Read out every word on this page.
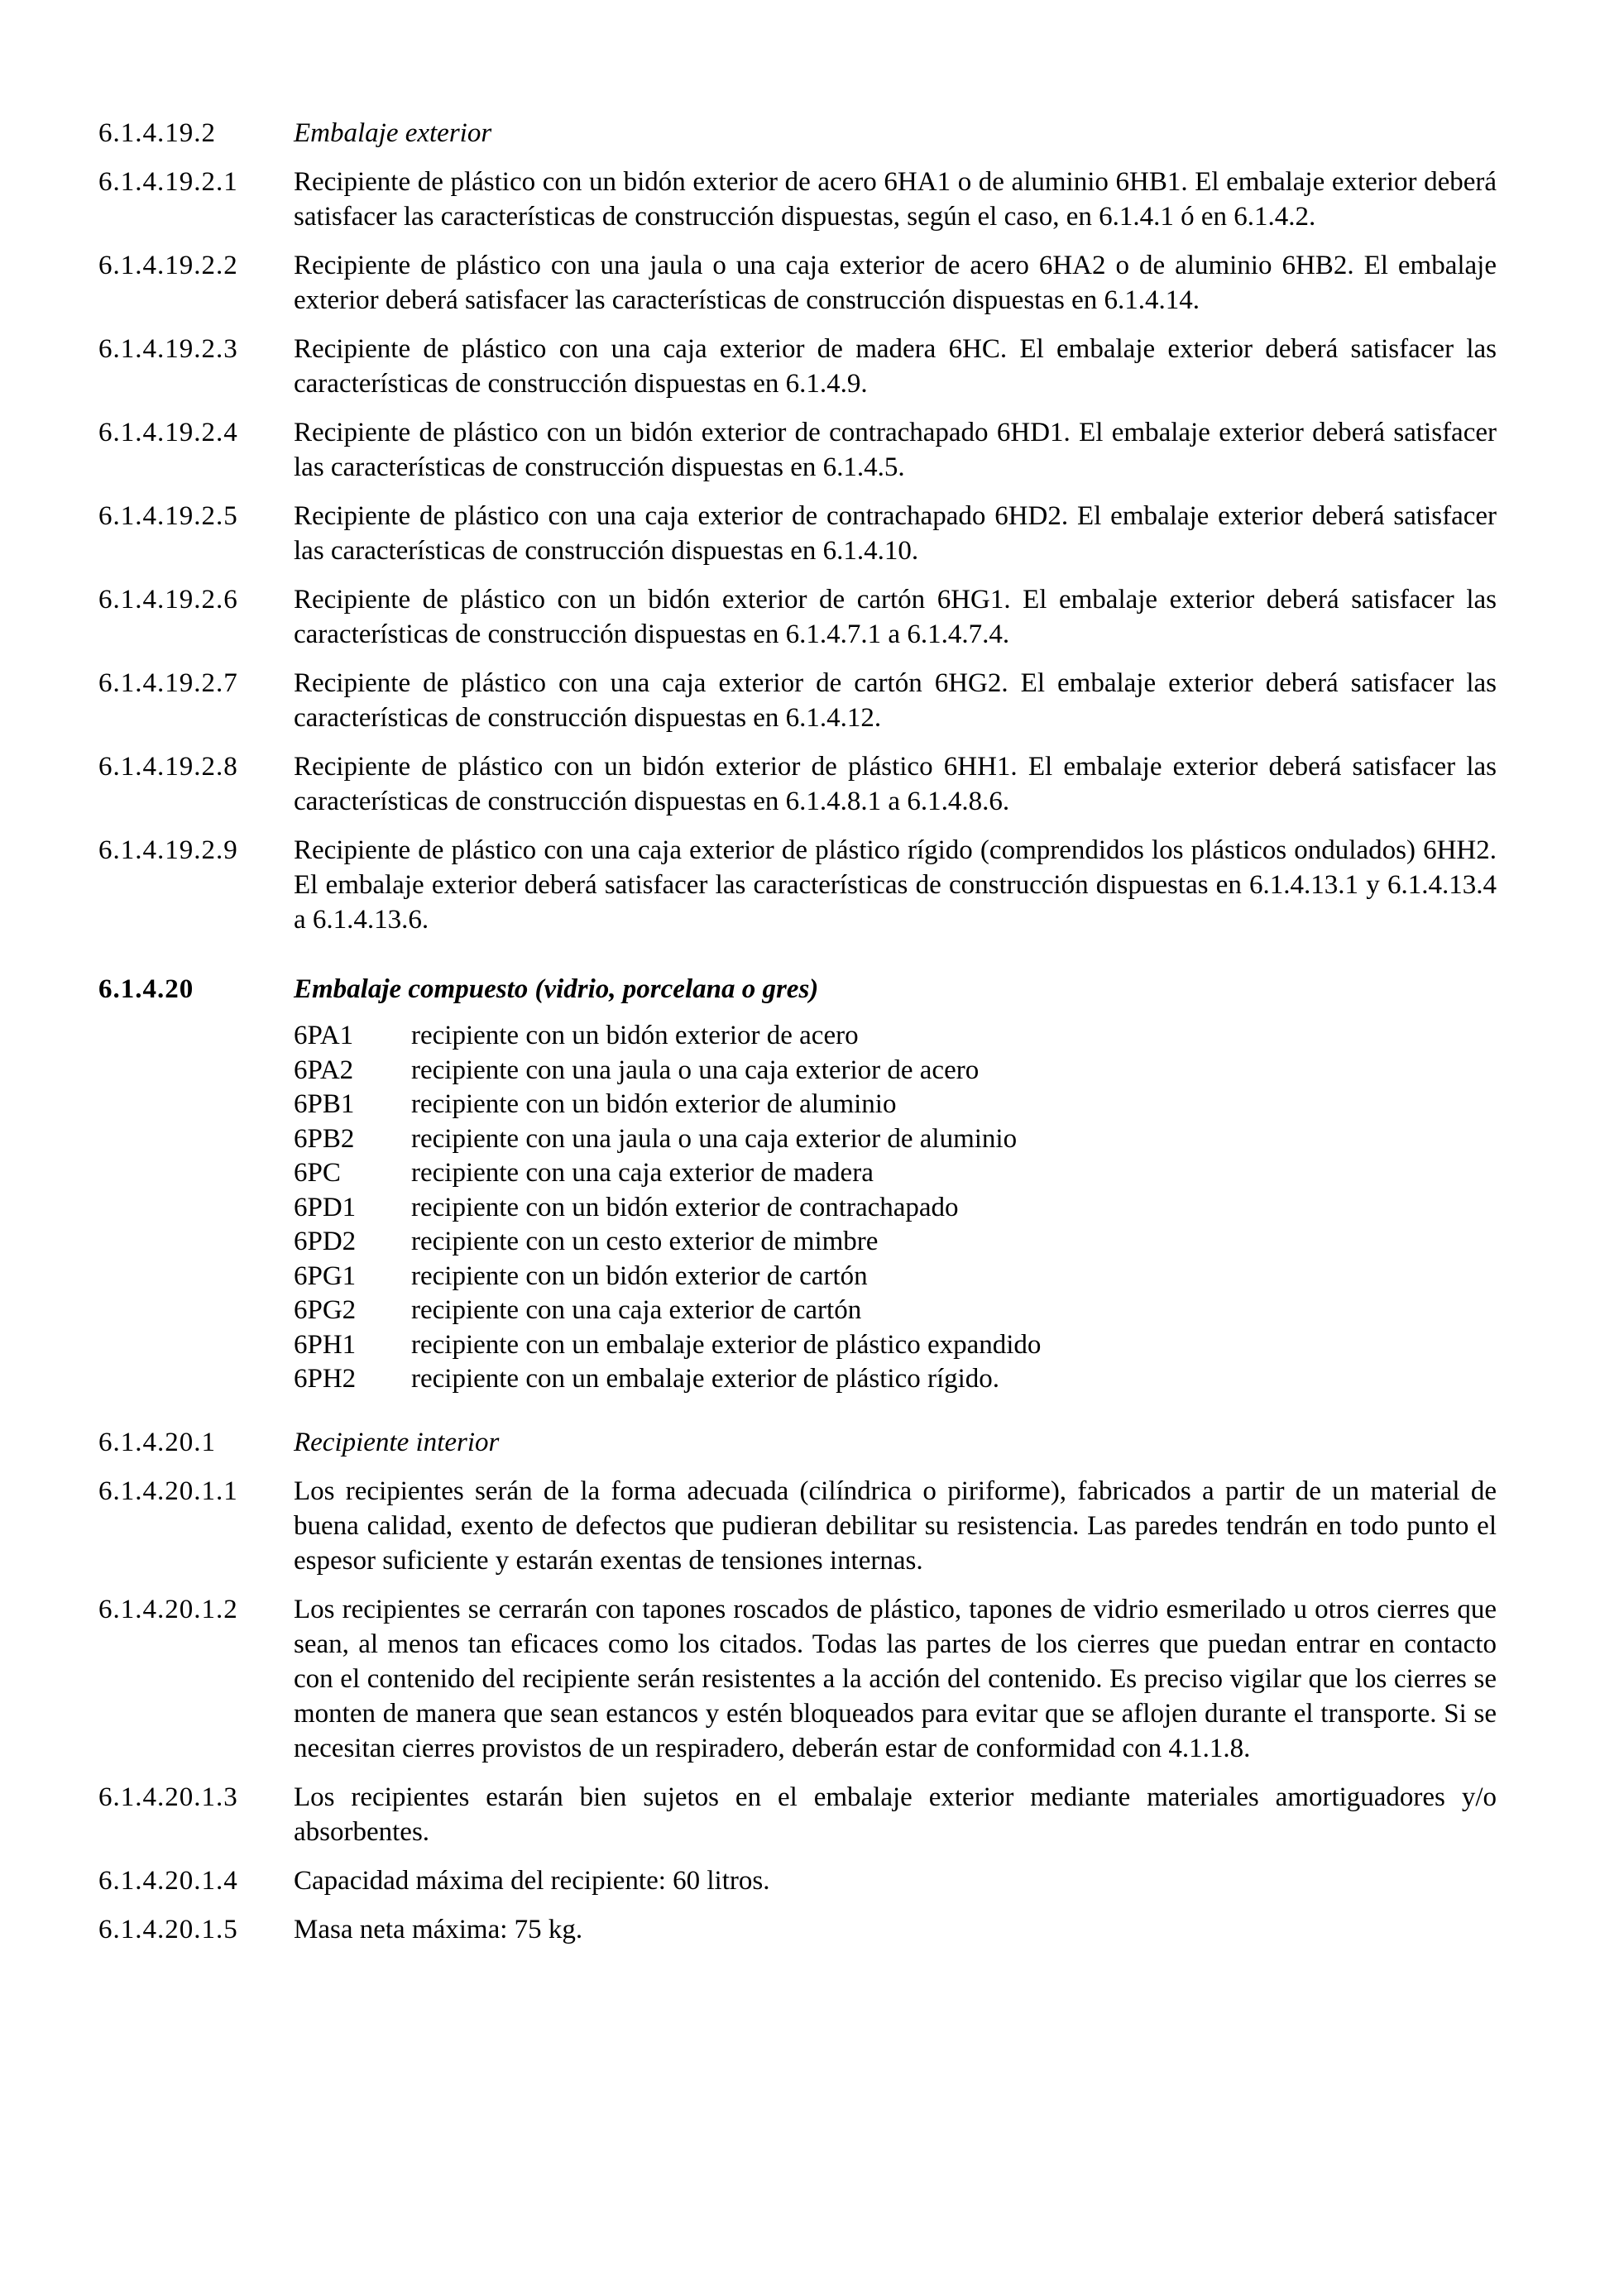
6.1.4.19.2	Embalaje exterior
6.1.4.19.2.1	Recipiente de plástico con un bidón exterior de acero 6HA1 o de aluminio 6HB1. El embalaje exterior deberá satisfacer las características de construcción dispuestas, según el caso, en 6.1.4.1 ó en 6.1.4.2.
6.1.4.19.2.2	Recipiente de plástico con una jaula o una caja exterior de acero 6HA2 o de aluminio 6HB2. El embalaje exterior deberá satisfacer las características de construcción dispuestas en 6.1.4.14.
6.1.4.19.2.3	Recipiente de plástico con una caja exterior de madera 6HC. El embalaje exterior deberá satisfacer las características de construcción dispuestas en 6.1.4.9.
6.1.4.19.2.4	Recipiente de plástico con un bidón exterior de contrachapado 6HD1. El embalaje exterior deberá satisfacer las características de construcción dispuestas en 6.1.4.5.
6.1.4.19.2.5	Recipiente de plástico con una caja exterior de contrachapado 6HD2. El embalaje exterior deberá satisfacer las características de construcción dispuestas en 6.1.4.10.
6.1.4.19.2.6	Recipiente de plástico con un bidón exterior de cartón 6HG1. El embalaje exterior deberá satisfacer las características de construcción dispuestas en 6.1.4.7.1 a 6.1.4.7.4.
6.1.4.19.2.7	Recipiente de plástico con una caja exterior de cartón 6HG2. El embalaje exterior deberá satisfacer las características de construcción dispuestas en 6.1.4.12.
6.1.4.19.2.8	Recipiente de plástico con un bidón exterior de plástico 6HH1. El embalaje exterior deberá satisfacer las características de construcción dispuestas en 6.1.4.8.1 a 6.1.4.8.6.
6.1.4.19.2.9	Recipiente de plástico con una caja exterior de plástico rígido (comprendidos los plásticos ondulados) 6HH2. El embalaje exterior deberá satisfacer las características de construcción dispuestas en 6.1.4.13.1 y 6.1.4.13.4 a 6.1.4.13.6.
6.1.4.20	Embalaje compuesto (vidrio, porcelana o gres)
6PA1	recipiente con un bidón exterior de acero
6PA2	recipiente con una jaula o una caja exterior de acero
6PB1	recipiente con un bidón exterior de aluminio
6PB2	recipiente con una jaula o una caja exterior de aluminio
6PC	recipiente con una caja exterior de madera
6PD1	recipiente con un bidón exterior de contrachapado
6PD2	recipiente con un cesto exterior de mimbre
6PG1	recipiente con un bidón exterior de cartón
6PG2	recipiente con una caja exterior de cartón
6PH1	recipiente con un embalaje exterior de plástico expandido
6PH2	recipiente con un embalaje exterior de plástico rígido.
6.1.4.20.1	Recipiente interior
6.1.4.20.1.1	Los recipientes serán de la forma adecuada (cilíndrica o piriforme), fabricados a partir de un material de buena calidad, exento de defectos que pudieran debilitar su resistencia. Las paredes tendrán en todo punto el espesor suficiente y estarán exentas de tensiones internas.
6.1.4.20.1.2	Los recipientes se cerrarán con tapones roscados de plástico, tapones de vidrio esmerilado u otros cierres que sean, al menos tan eficaces como los citados. Todas las partes de los cierres que puedan entrar en contacto con el contenido del recipiente serán resistentes a la acción del contenido. Es preciso vigilar que los cierres se monten de manera que sean estancos y estén bloqueados para evitar que se aflojen durante el transporte. Si se necesitan cierres provistos de un respiradero, deberán estar de conformidad con 4.1.1.8.
6.1.4.20.1.3	Los recipientes estarán bien sujetos en el embalaje exterior mediante materiales amortiguadores y/o absorbentes.
6.1.4.20.1.4	Capacidad máxima del recipiente: 60 litros.
6.1.4.20.1.5	Masa neta máxima: 75 kg.
